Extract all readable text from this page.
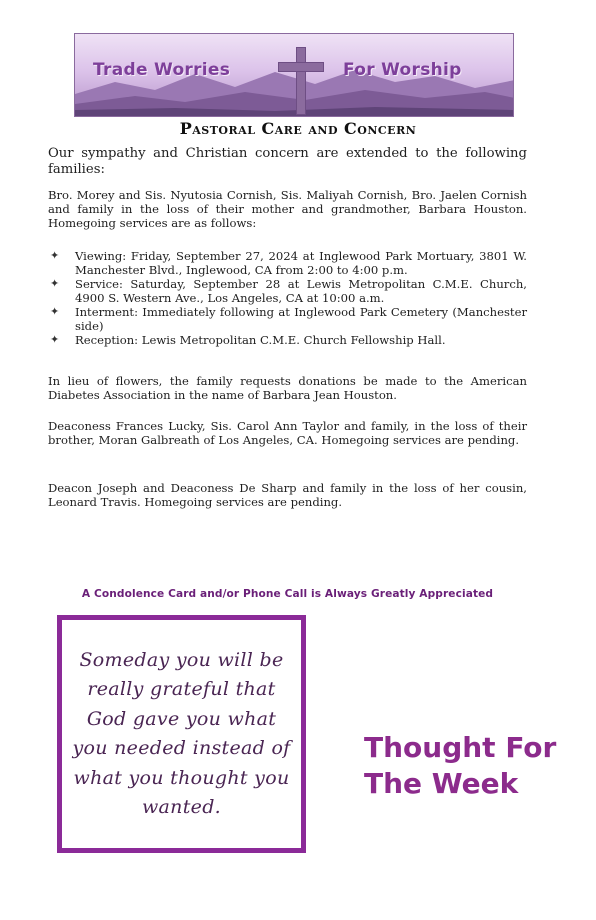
Trade Worries	For Worship
Pastoral Care and Concern
Our sympathy and Christian concern are extended to the following families:
Bro. Morey and Sis. Nyutosia Cornish, Sis. Maliyah Cornish, Bro. Jaelen Cornish and family in the loss of their mother and grandmother, Barbara Houston. Homegoing services are as follows:
✦ Viewing: Friday, September 27, 2024 at Inglewood Park Mortuary, 3801 W. Manchester Blvd., Inglewood, CA from 2:00 to 4:00 p.m.
✦ Service: Saturday, September 28 at Lewis Metropolitan C.M.E. Church, 4900 S. Western Ave., Los Angeles, CA at 10:00 a.m.
✦ Interment: Immediately following at Inglewood Park Cemetery (Manchester side)
✦ Reception: Lewis Metropolitan C.M.E. Church Fellowship Hall.
In lieu of flowers, the family requests donations be made to the American Diabetes Association in the name of Barbara Jean Houston.
Deaconess Frances Lucky, Sis. Carol Ann Taylor and family, in the loss of their brother, Moran Galbreath of Los Angeles, CA. Homegoing services are pending.
Deacon Joseph and Deaconess De Sharp and family in the loss of her cousin, Leonard Travis. Homegoing services are pending.
A Condolence Card and/or Phone Call is Always Greatly Appreciated
Someday you will be really grateful that God gave you what you needed instead of what you thought you wanted.
Thought For The Week
